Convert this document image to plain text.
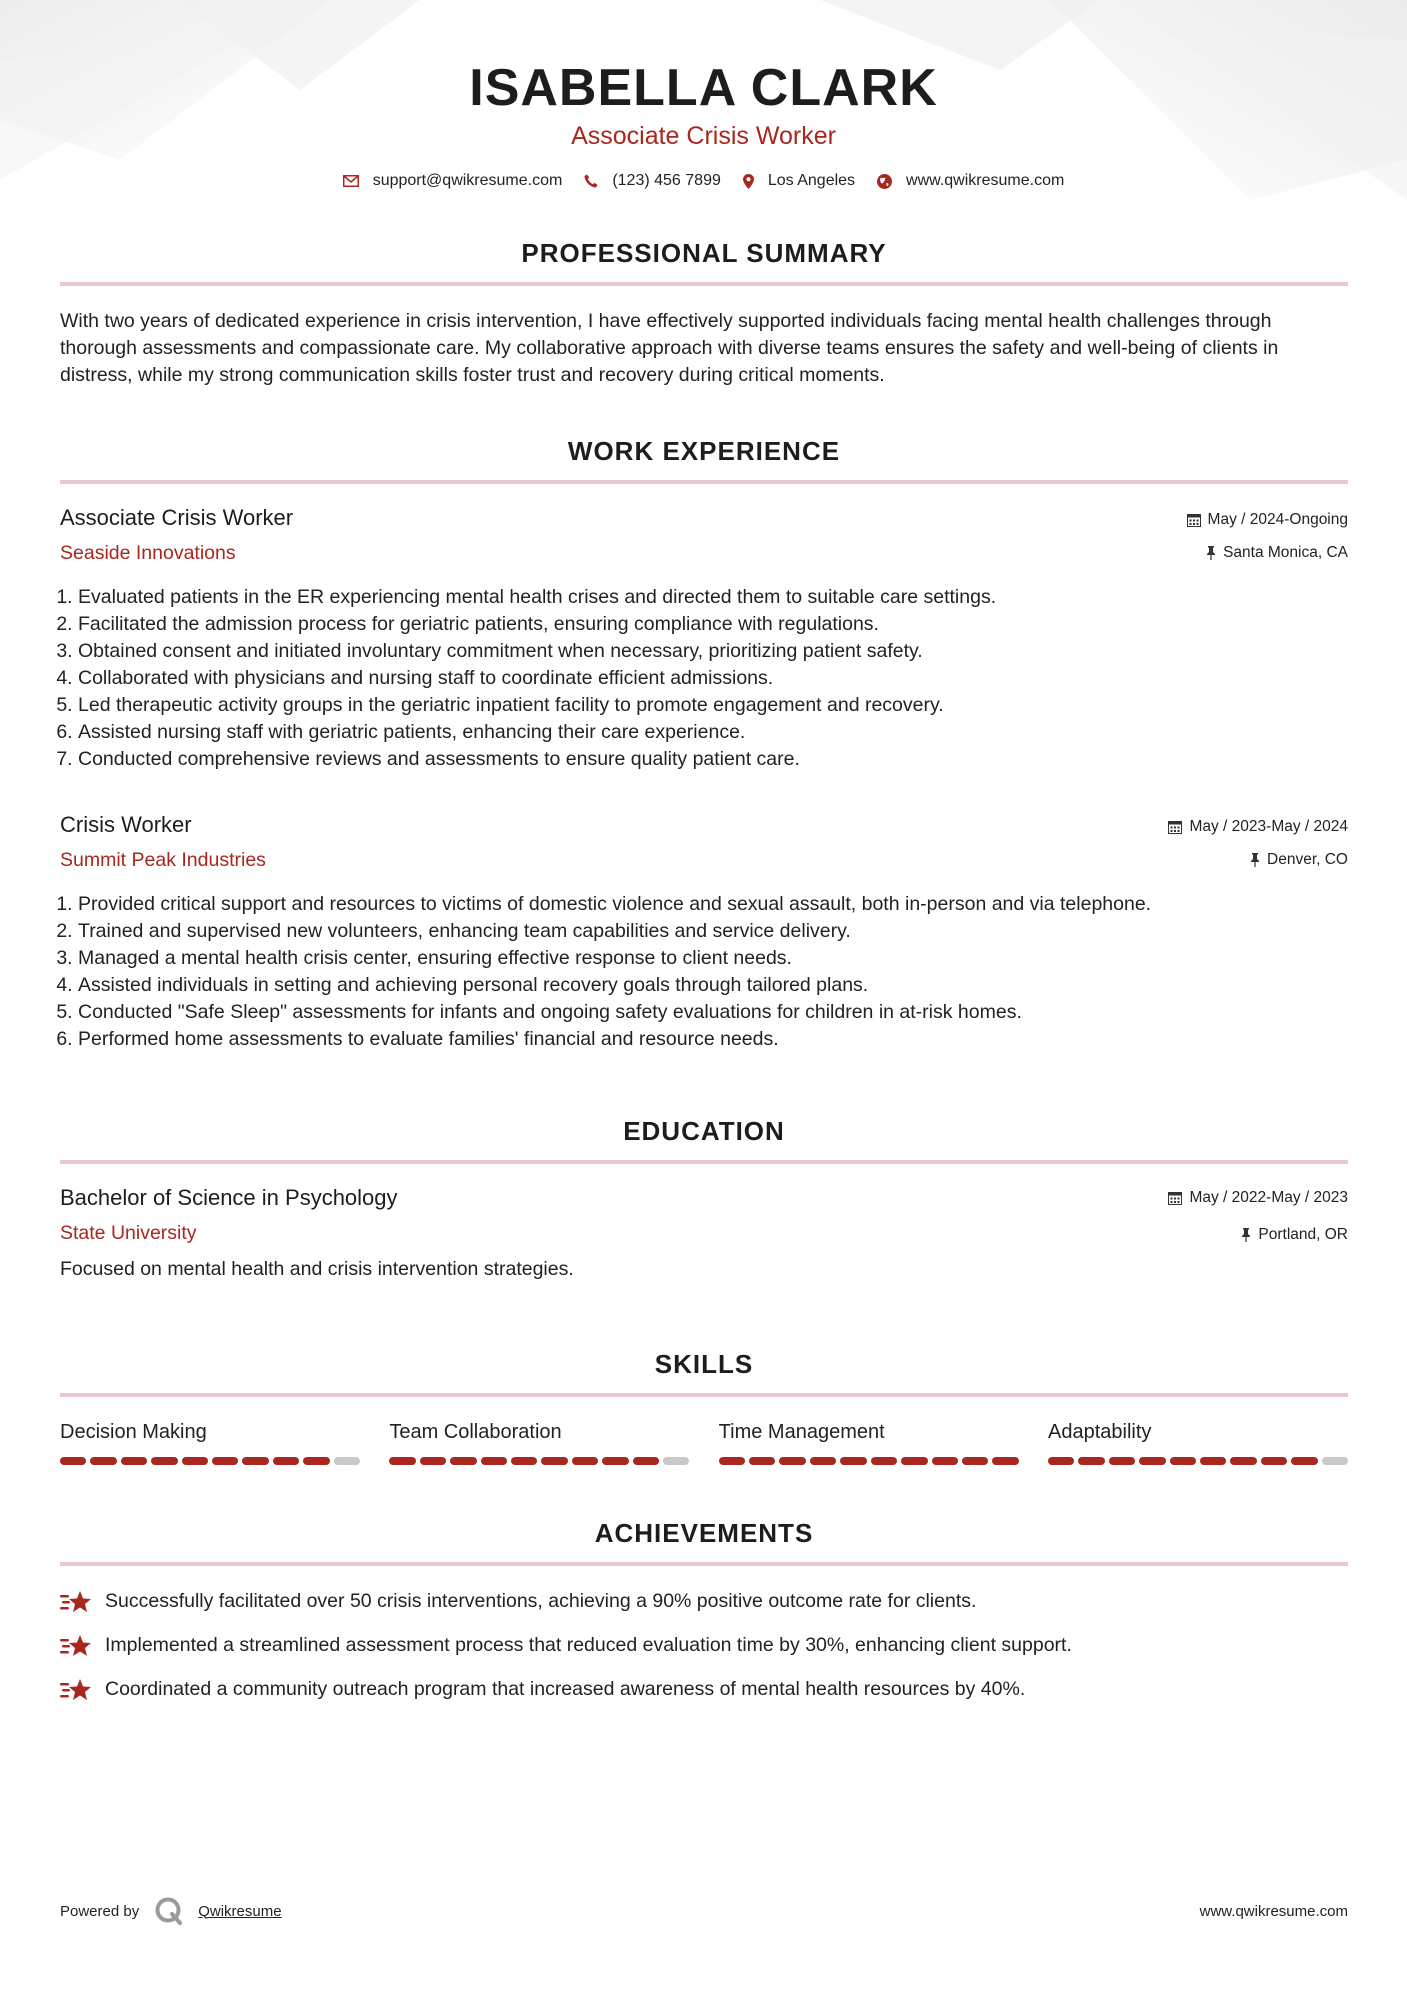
ISABELLA CLARK
Associate Crisis Worker
support@qwikresume.com	(123) 456 7899	Los Angeles	www.qwikresume.com
PROFESSIONAL SUMMARY
With two years of dedicated experience in crisis intervention, I have effectively supported individuals facing mental health challenges through thorough assessments and compassionate care. My collaborative approach with diverse teams ensures the safety and well-being of clients in distress, while my strong communication skills foster trust and recovery during critical moments.
WORK EXPERIENCE
Associate Crisis Worker
Seaside Innovations
May / 2024-Ongoing
Santa Monica, CA
1. Evaluated patients in the ER experiencing mental health crises and directed them to suitable care settings.
2. Facilitated the admission process for geriatric patients, ensuring compliance with regulations.
3. Obtained consent and initiated involuntary commitment when necessary, prioritizing patient safety.
4. Collaborated with physicians and nursing staff to coordinate efficient admissions.
5. Led therapeutic activity groups in the geriatric inpatient facility to promote engagement and recovery.
6. Assisted nursing staff with geriatric patients, enhancing their care experience.
7. Conducted comprehensive reviews and assessments to ensure quality patient care.
Crisis Worker
Summit Peak Industries
May / 2023-May / 2024
Denver, CO
1. Provided critical support and resources to victims of domestic violence and sexual assault, both in-person and via telephone.
2. Trained and supervised new volunteers, enhancing team capabilities and service delivery.
3. Managed a mental health crisis center, ensuring effective response to client needs.
4. Assisted individuals in setting and achieving personal recovery goals through tailored plans.
5. Conducted "Safe Sleep" assessments for infants and ongoing safety evaluations for children in at-risk homes.
6. Performed home assessments to evaluate families' financial and resource needs.
EDUCATION
Bachelor of Science in Psychology
State University
May / 2022-May / 2023
Portland, OR
Focused on mental health and crisis intervention strategies.
SKILLS
Decision Making	Team Collaboration	Time Management	Adaptability
ACHIEVEMENTS
Successfully facilitated over 50 crisis interventions, achieving a 90% positive outcome rate for clients.
Implemented a streamlined assessment process that reduced evaluation time by 30%, enhancing client support.
Coordinated a community outreach program that increased awareness of mental health resources by 40%.
Powered by	Qwikresume	www.qwikresume.com
